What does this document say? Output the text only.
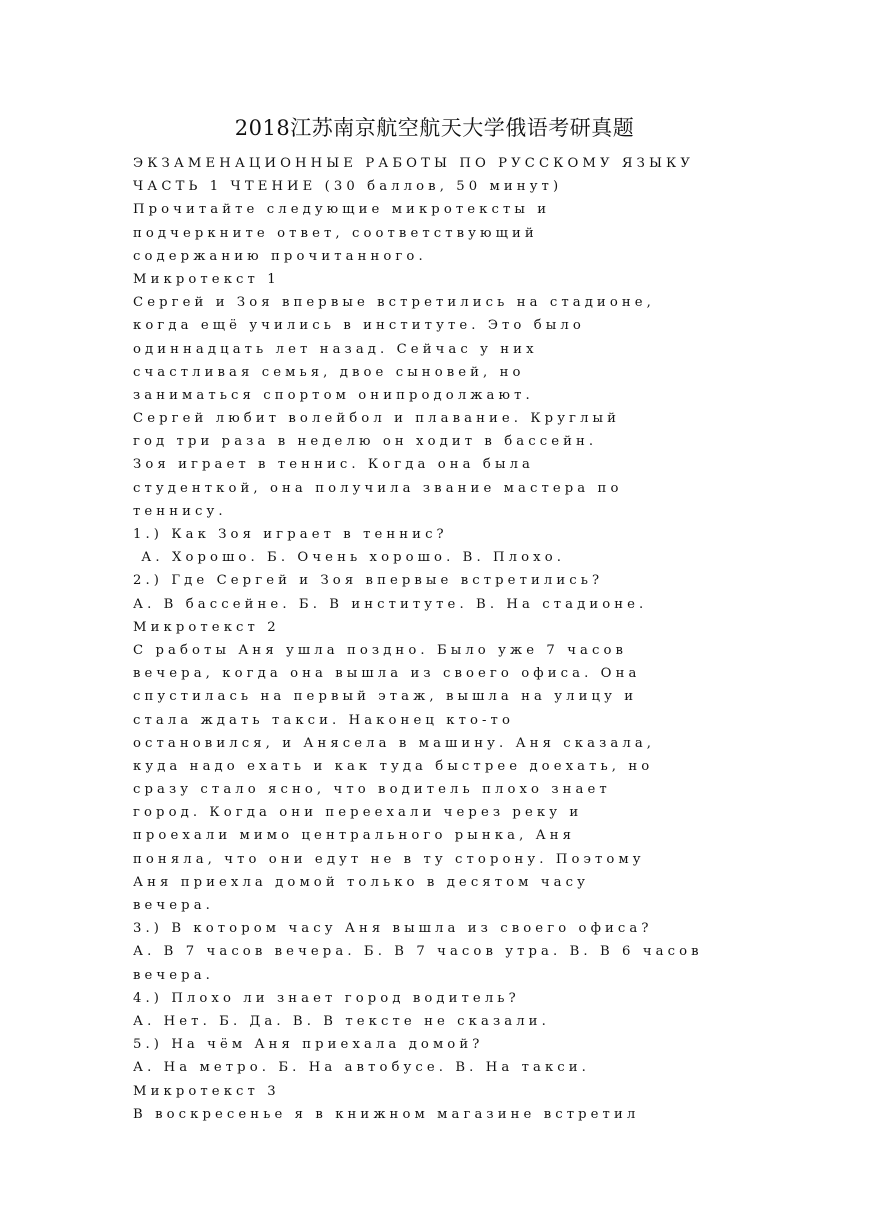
2018江苏南京航空航天大学俄语考研真题
ЭКЗАМЕНАЦИОННЫЕ РАБОТЫ ПО РУССКОМУ ЯЗЫКУ
ЧАСТЬ 1 ЧТЕНИЕ (30 баллов, 50 минут)
Прочитайте следующие микротексты и
подчеркните ответ, соответствующий
содержанию прочитанного.
Микротекст 1
Сергей и Зоя впервые встретились на стадионе,
когда ещё учились в институте. Это было
одиннадцать лет назад. Сейчас у них
счастливая семья, двое сыновей, но
заниматься спортом онипродолжают.
Сергей любит волейбол и плавание. Круглый
год три раза в неделю он ходит в бассейн.
Зоя играет в теннис. Когда она была
студенткой, она получила звание мастера по
теннису.
1.) Как Зоя играет в теннис?
А. Хорошо. Б. Очень хорошо. В. Плохо.
2.) Где Сергей и Зоя впервые встретились?
А. В бассейне. Б. В институте. В. На стадионе.
Микротекст 2
С работы Аня ушла поздно. Было уже 7 часов
вечера, когда она вышла из своего офиса. Она
спустилась на первый этаж, вышла на улицу и
стала ждать такси. Наконец кто-то
остановился, и Анясела в машину. Аня сказала,
куда надо ехать и как туда быстрее доехать, но
сразу стало ясно, что водитель плохо знает
город. Когда они переехали через реку и
проехали мимо центрального рынка, Аня
поняла, что они едут не в ту сторону. Поэтому
Аня приехла домой только в десятом часу
вечера.
3.) В котором часу Аня вышла из своего офиса?
А. В 7 часов вечера. Б. В 7 часов утра. В. В 6 часов
вечера.
4.) Плохо ли знает город водитель?
А. Нет. Б. Да. В. В тексте не сказали.
5.) На чём Аня приехала домой?
А. На метро. Б. На автобусе. В. На такси.
Микротекст 3
В воскресенье я в книжном магазине встретил
